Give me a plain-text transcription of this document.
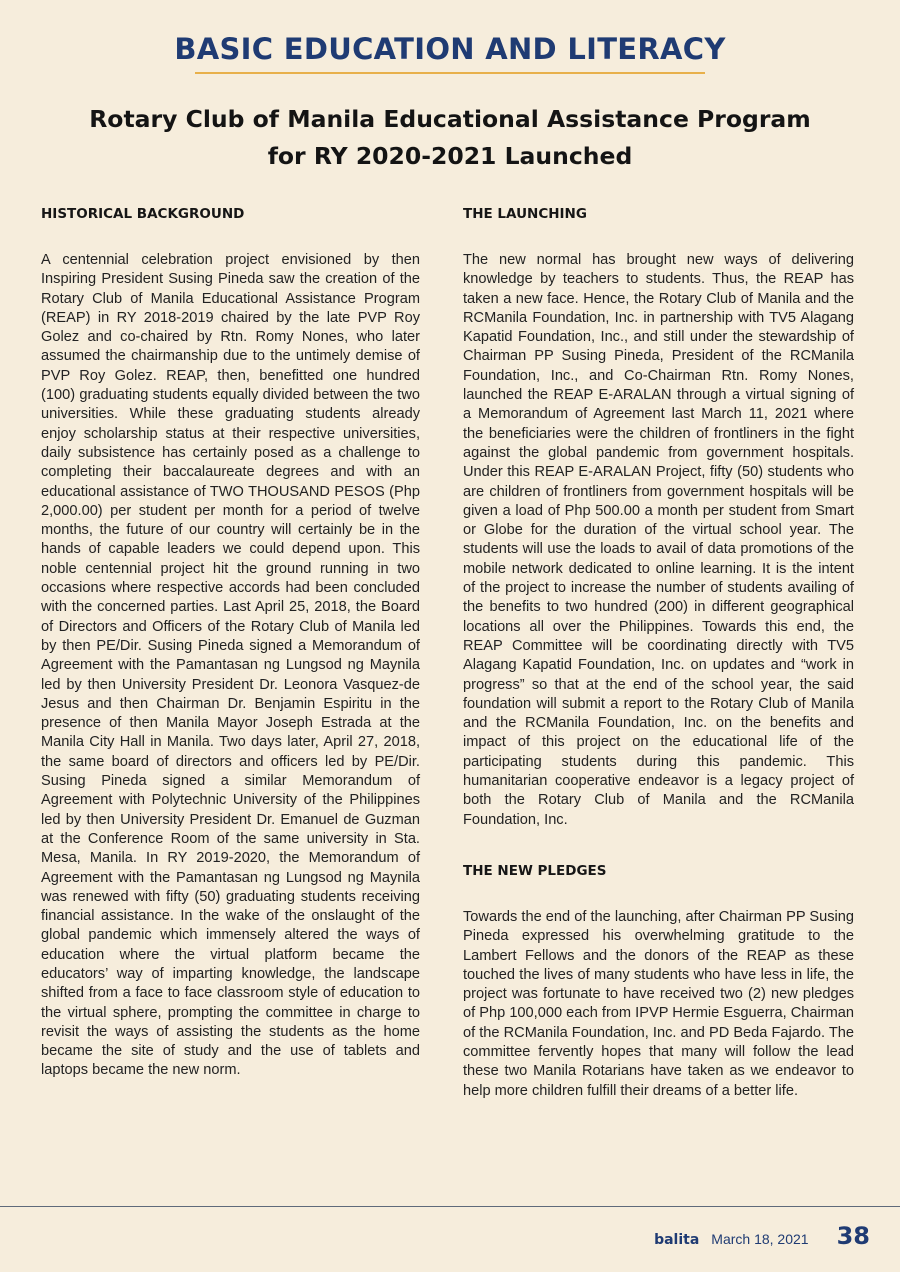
BASIC EDUCATION AND LITERACY
Rotary Club of Manila Educational Assistance Program
for RY 2020-2021 Launched
HISTORICAL BACKGROUND

A centennial celebration project envisioned by then Inspiring President Susing Pineda saw the creation of the Rotary Club of Manila Educational Assistance Program (REAP) in RY 2018-2019 chaired by the late PVP Roy Golez and co-chaired by Rtn. Romy Nones, who later assumed the chairmanship due to the untimely demise of PVP Roy Golez. REAP, then, benefitted one hundred (100) graduating students equally divided between the two universities. While these graduating students already enjoy scholarship status at their respective universities, daily subsistence has certainly posed as a challenge to completing their baccalaureate degrees and with an educational assistance of TWO THOUSAND PESOS (Php 2,000.00) per student per month for a period of twelve months, the future of our country will certainly be in the hands of capable leaders we could depend upon. This noble centennial project hit the ground running in two occasions where respective accords had been concluded with the concerned parties. Last April 25, 2018, the Board of Directors and Officers of the Rotary Club of Manila led by then PE/Dir. Susing Pineda signed a Memorandum of Agreement with the Pamantasan ng Lungsod ng Maynila led by then University President Dr. Leonora Vasquez-de Jesus and then Chairman Dr. Benjamin Espiritu in the presence of then Manila Mayor Joseph Estrada at the Manila City Hall in Manila. Two days later, April 27, 2018, the same board of directors and officers led by PE/Dir. Susing Pineda signed a similar Memorandum of Agreement with Polytechnic University of the Philippines led by then University President Dr. Emanuel de Guzman at the Conference Room of the same university in Sta. Mesa, Manila. In RY 2019-2020, the Memorandum of Agreement with the Pamantasan ng Lungsod ng Maynila was renewed with fifty (50) graduating students receiving financial assistance. In the wake of the onslaught of the global pandemic which immensely altered the ways of education where the virtual platform became the educators’ way of imparting knowledge, the landscape shifted from a face to face classroom style of education to the virtual sphere, prompting the committee in charge to revisit the ways of assisting the students as the home became the site of study and the use of tablets and laptops became the new norm.

THE LAUNCHING

The new normal has brought new ways of delivering knowledge by teachers to students. Thus, the REAP has taken a new face. Hence, the Rotary Club of Manila and the RCManila Foundation, Inc. in partnership with TV5 Alagang Kapatid Foundation, Inc., and still under the stewardship of Chairman PP Susing Pineda, President of the RCManila Foundation, Inc., and Co-Chairman Rtn. Romy Nones, launched the REAP E-ARALAN through a virtual signing of a Memorandum of Agreement last March 11, 2021 where the beneficiaries were the children of frontliners in the fight against the global pandemic from government hospitals. Under this REAP E-ARALAN Project, fifty (50) students who are children of frontliners from government hospitals will be given a load of Php 500.00 a month per student from Smart or Globe for the duration of the virtual school year. The students will use the loads to avail of data promotions of the mobile network dedicated to online learning. It is the intent of the project to increase the number of students availing of the benefits to two hundred (200) in different geographical locations all over the Philippines. Towards this end, the REAP Committee will be coordinating directly with TV5 Alagang Kapatid Foundation, Inc. on updates and “work in progress” so that at the end of the school year, the said foundation will submit a report to the Rotary Club of Manila and the RCManila Foundation, Inc. on the benefits and impact of this project on the educational life of the participating students during this pandemic. This humanitarian cooperative endeavor is a legacy project of both the Rotary Club of Manila and the RCManila Foundation, Inc.

THE NEW PLEDGES

Towards the end of the launching, after Chairman PP Susing Pineda expressed his overwhelming gratitude to the Lambert Fellows and the donors of the REAP as these touched the lives of many students who have less in life, the project was fortunate to have received two (2) new pledges of Php 100,000 each from IPVP Hermie Esguerra, Chairman of the RCManila Foundation, Inc. and PD Beda Fajardo. The committee fervently hopes that many will follow the lead these two Manila Rotarians have taken as we endeavor to help more children fulfill their dreams of a better life.

balita March 18, 2021 38
